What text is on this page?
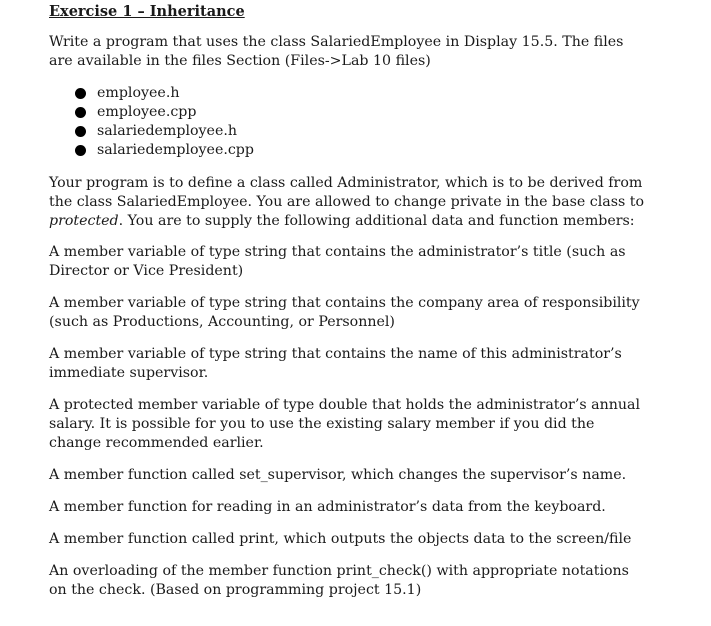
Exercise 1 – Inheritance

Write a program that uses the class SalariedEmployee in Display 15.5. The files are available in the files Section (Files->Lab 10 files)

employee.h
employee.cpp
salariedemployee.h
salariedemployee.cpp

Your program is to define a class called Administrator, which is to be derived from the class SalariedEmployee. You are allowed to change private in the base class to protected. You are to supply the following additional data and function members:

A member variable of type string that contains the administrator’s title (such as Director or Vice President)

A member variable of type string that contains the company area of responsibility (such as Productions, Accounting, or Personnel)

A member variable of type string that contains the name of this administrator’s immediate supervisor.

A protected member variable of type double that holds the administrator’s annual salary. It is possible for you to use the existing salary member if you did the change recommended earlier.

A member function called set_supervisor, which changes the supervisor’s name.

A member function for reading in an administrator’s data from the keyboard.

A member function called print, which outputs the objects data to the screen/file

An overloading of the member function print_check() with appropriate notations on the check. (Based on programming project 15.1)
